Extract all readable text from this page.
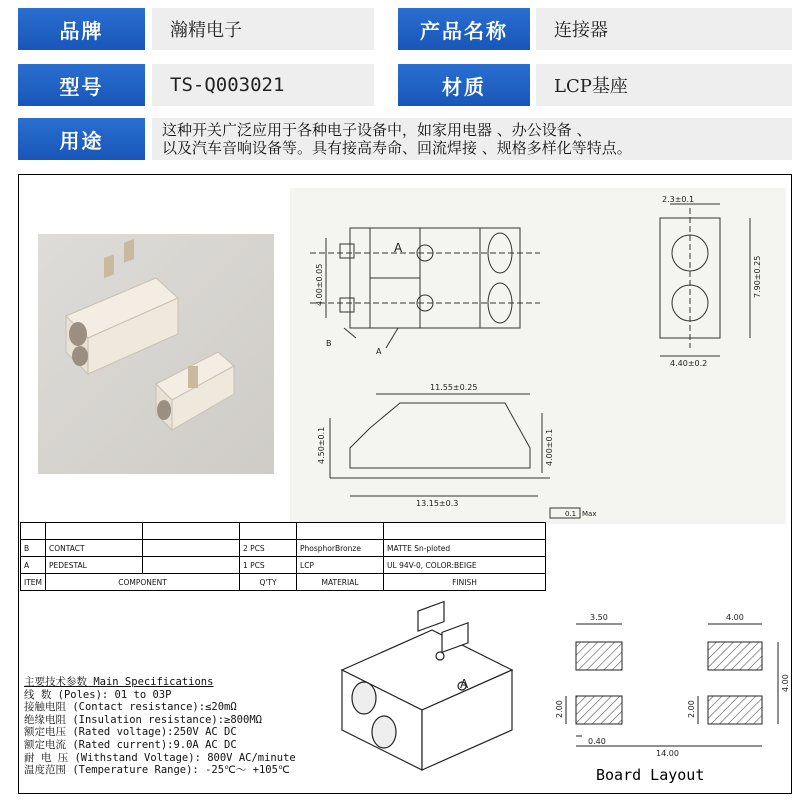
品牌	瀚精电子	产品名称	连接器
型号	TS-Q003021	材质	LCP基座
用途	这种开关广泛应用于各种电子设备中，如家用电器 、办公设备 、
以及汽车音响设备等。具有接高寿命、回流焊接 、规格多样化等特点。
2.3±0.1
7.90±0.25
4.40±0.2
4.00±0.05
A
B
A
11.55±0.25
4.50±0.1	4.00±0.1
13.15±0.3
0.1 Max

B	CONTACT		2 PCS	PhosphorBronze	MATTE Sn-ploted
A	PEDESTAL		1 PCS	LCP	UL 94V-0, COLOR:BEIGE
ITEM	COMPONENT		Q'TY	MATERIAL	FINISH
A
3.50	4.00
4.00
2.00	2.00
0.40
14.00
Board Layout
主要技术参数 Main Specifications
线 数 (Poles): 01 to 03P
接触电阻 (Contact resistance):≤20mΩ
绝缘电阻 (Insulation resistance):≥800MΩ
额定电压 (Rated voltage):250V AC DC
额定电流 (Rated current):9.0A AC DC
耐 电 压 (Withstand Voltage): 800V AC/minute
温度范围 (Temperature Range): -25℃～ +105℃
